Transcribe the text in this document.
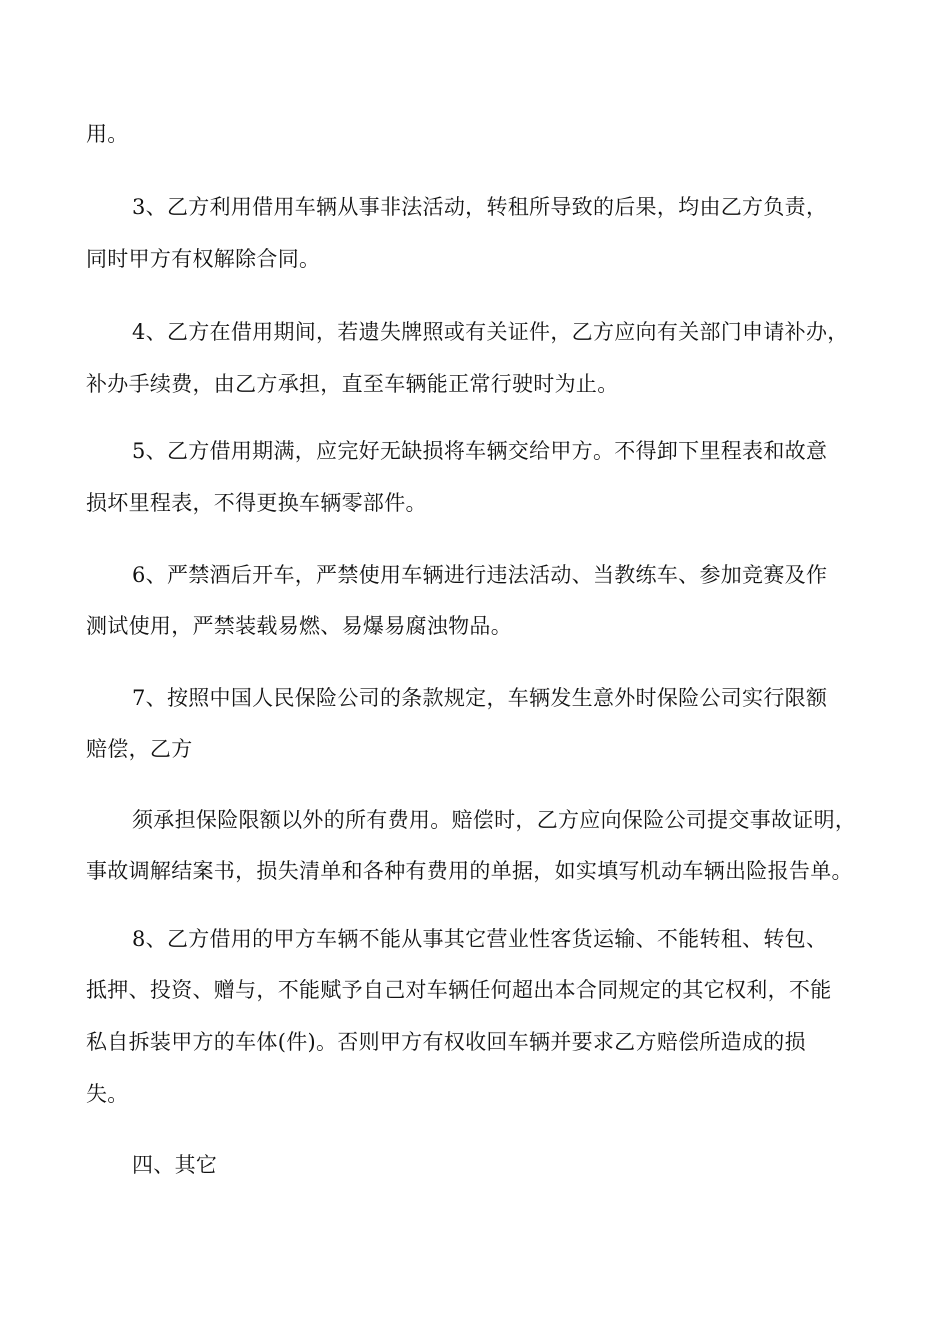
用。
3、乙方利用借用车辆从事非法活动，转租所导致的后果，均由乙方负责，
同时甲方有权解除合同。
4、乙方在借用期间，若遗失牌照或有关证件，乙方应向有关部门申请补办，
补办手续费，由乙方承担，直至车辆能正常行驶时为止。
5、乙方借用期满，应完好无缺损将车辆交给甲方。不得卸下里程表和故意
损坏里程表，不得更换车辆零部件。
6、严禁酒后开车，严禁使用车辆进行违法活动、当教练车、参加竞赛及作
测试使用，严禁装载易燃、易爆易腐浊物品。
7、按照中国人民保险公司的条款规定，车辆发生意外时保险公司实行限额
赔偿，乙方
须承担保险限额以外的所有费用。赔偿时，乙方应向保险公司提交事故证明，
事故调解结案书，损失清单和各种有费用的单据，如实填写机动车辆出险报告单。
8、乙方借用的甲方车辆不能从事其它营业性客货运输、不能转租、转包、
抵押、投资、赠与，不能赋予自己对车辆任何超出本合同规定的其它权利，不能
私自拆装甲方的车体(件)。否则甲方有权收回车辆并要求乙方赔偿所造成的损
失。
四、其它
